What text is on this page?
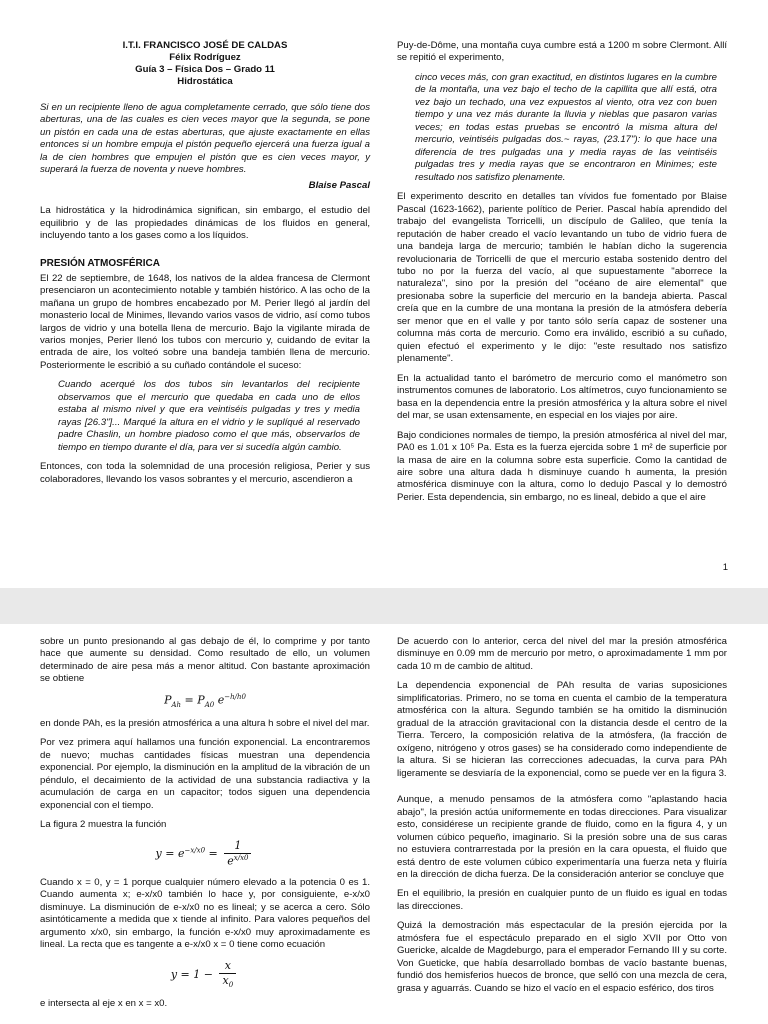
I.T.I. FRANCISCO JOSÉ DE CALDAS
Félix Rodríguez
Guía 3 – Física Dos – Grado 11
Hidrostática

Si en un recipiente lleno de agua completamente cerrado, que sólo tiene dos aberturas, una de las cuales es cien veces mayor que la segunda, se pone un pistón en cada una de estas aberturas, que ajuste exactamente en ellas entonces si un hombre empuja el pistón pequeño ejercerá una fuerza igual a la de cien hombres que empujen el pistón que es cien veces mayor, y superará la fuerza de noventa y nueve hombres.

Blaise Pascal

La hidrostática y la hidrodinámica significan, sin embargo, el estudio del equilibrio y de las propiedades dinámicas de los fluidos en general, incluyendo tanto a los gases como a los líquidos.

PRESIÓN ATMOSFÉRICA

El 22 de septiembre, de 1648, los nativos de la aldea francesa de Clermont presenciaron un acontecimiento notable y también histórico. A las ocho de la mañana un grupo de hombres encabezado por M. Perier llegó al jardín del monasterio local de Minimes, llevando varios vasos de vidrio, así como tubos largos de vidrio y una botella llena de mercurio. Bajo la vigilante mirada de varios monjes, Perier llenó los tubos con mercurio y, cuidando de evitar la entrada de aire, los volteó sobre una bandeja también llena de mercurio. Posteriormente le escribió a su cuñado contándole el suceso:

Cuando acerqué los dos tubos sin levantarlos del recipiente observamos que el mercurio que quedaba en cada uno de ellos estaba al mismo nivel y que era veintiséis pulgadas y tres y media rayas [26.3"]... Marqué la altura en el vidrio y le suplíqué al reservado padre Chaslin, un hombre piadoso como el que más, observarlos de tiempo en tiempo durante el día, para ver si sucedía algún cambio.

Entonces, con toda la solemnidad de una procesión religiosa, Perier y sus colaboradores, llevando los vasos sobrantes y el mercurio, ascendieron a

Puy-de-Dôme, una montaña cuya cumbre está a 1200 m sobre Clermont. Allí se repitió el experimento,

cinco veces más, con gran exactitud, en distintos lugares en la cumbre de la montaña, una vez bajo el techo de la capillita que allí está, otra vez bajo un techado, una vez expuestos al viento, otra vez con buen tiempo y una vez más durante la lluvia y nieblas que pasaron varias veces; en todas estas pruebas se encontró la misma altura del mercurio, veintiséis pulgadas dos.~ rayas, (23.17"): lo que hace una diferencia de tres pulgadas una y media rayas de las veintiséis pulgadas tres y media rayas que se encontraron en Minimes; este resultado nos satisfizo plenamente.

El experimento descrito en detalles tan vívidos fue fomentado por Blaise Pascal (1623-1662), pariente político de Perier. Pascal había aprendido del trabajo del evangelista Torricelli, un discípulo de Galileo, que tenía la reputación de haber creado el vacío levantando un tubo de vidrio fuera de una bandeja larga de mercurio; también le habían dicho la sugerencia revolucionaria de Torricelli de que el mercurio estaba sostenido dentro del tubo no por la fuerza del vacío, al que supuestamente "aborrece la naturaleza", sino por la presión del "océano de aire elemental" que presionaba sobre la superficie del mercurio en la bandeja abierta. Pascal creía que en la cumbre de una montana la presión de la atmósfera debería ser menor que en el valle y por tanto sólo sería capaz de sostener una columna más corta de mercurio. Como era inválido, escribió a su cuñado, quien efectuó el experimento y le dijo: "este resultado nos satisfizo plenamente".

En la actualidad tanto el barómetro de mercurio como el manómetro son instrumentos comunes de laboratorio. Los altímetros, cuyo funcionamiento se basa en la dependencia entre la presión atmosférica y la altura sobre el nivel del mar, se usan extensamente, en especial en los viajes por aire.

Bajo condiciones normales de tiempo, la presión atmosférica al nivel del mar, PA0 es 1.01 x 10⁵ Pa. Esta es la fuerza ejercida sobre 1 m² de superficie por la masa de aire en la columna sobre esta superficie. Como la cantidad de aire sobre una altura dada h disminuye cuando h aumenta, la presión atmosférica disminuye con la altura, como lo dedujo Pascal y lo demostró Perier. Esta dependencia, sin embargo, no es lineal, debido a que el aire

1

sobre un punto presionando al gas debajo de él, lo comprime y por tanto hace que aumente su densidad. Como resultado de ello, un volumen determinado de aire pesa más a menor altitud. Con bastante aproximación se obtiene

$P_{Ah} = P_{A0}$ $e^{-h/h0}$

en donde PAh, es la presión atmosférica a una altura h sobre el nivel del mar.

Por vez primera aquí hallamos una función exponencial. La encontraremos de nuevo; muchas cantidades físicas muestran una dependencia exponencial. Por ejemplo, la disminución en la amplitud de la vibración de un péndulo, el decaimiento de la actividad de una substancia radiactiva y la acumulación de carga en un capacitor; todos siguen una dependencia exponencial con el tiempo.

La figura 2 muestra la función

$y = e^{-x/x0} = \frac{1}{e^{x/x0}}$

Cuando x = 0, y = 1 porque cualquier número elevado a la potencia 0 es 1. Cuando aumenta x; e-x/x0 también lo hace y, por consiguiente, e-x/x0 disminuye. La disminución de e-x/x0 no es lineal; y se acerca a cero. Sólo asintóticamente a medida que x tiende al infinito. Para valores pequeños del argumento x/x0, sin embargo, la función e-x/x0 muy aproximadamente es lineal. La recta que es tangente a e-x/x0 x = 0 tiene como ecuación

$y = 1 - \frac{x}{x_0}$

e intersecta al eje x en x = x0.

De acuerdo con lo anterior, cerca del nivel del mar la presión atmosférica disminuye en 0.09 mm de mercurio por metro, o aproximadamente 1 mm por cada 10 m de cambio de altitud.

La dependencia exponencial de PAh resulta de varias suposiciones simplificatorias. Primero, no se toma en cuenta el cambio de la temperatura atmosférica con la altura. Segundo también se ha omitido la disminución gradual de la atracción gravitacional con la distancia desde el centro de la Tierra. Tercero, la composición relativa de la atmósfera, (la fracción de oxígeno, nitrógeno y otros gases) se ha considerado como independiente de la altura. Si se hicieran las correcciones adecuadas, la curva para PAh ligeramente se desviaría de la exponencial, como se puede ver en la figura 3.

Aunque, a menudo pensamos de la atmósfera como "aplastando hacia abajo", la presión actúa uniformemente en todas direcciones. Para visualizar esto, considérese un recipiente grande de fluido, como en la figura 4, y un volumen cúbico pequeño, imaginario. Si la presión sobre una de sus caras no estuviera contrarrestada por la presión en la cara opuesta, el fluido que está dentro de este volumen cúbico experimentaría una fuerza neta y fluiría en la dirección de dicha fuerza. De la consideración anterior se concluye que

En el equilibrio, la presión en cualquier punto de un fluido es igual en todas las direcciones.

Quizá la demostración más espectacular de la presión ejercida por la atmósfera fue el espectáculo preparado en el siglo XVII por Otto von Guericke, alcalde de Magdeburgo, para el emperador Fernando III y su corte. Von Gueticke, que había desarrollado bombas de vacío bastante buenas, fundió dos hemisferios huecos de bronce, que selló con una mezcla de cera, grasa y aguarrás. Cuando se hizo el vacío en el espacio esférico, dos tiros
